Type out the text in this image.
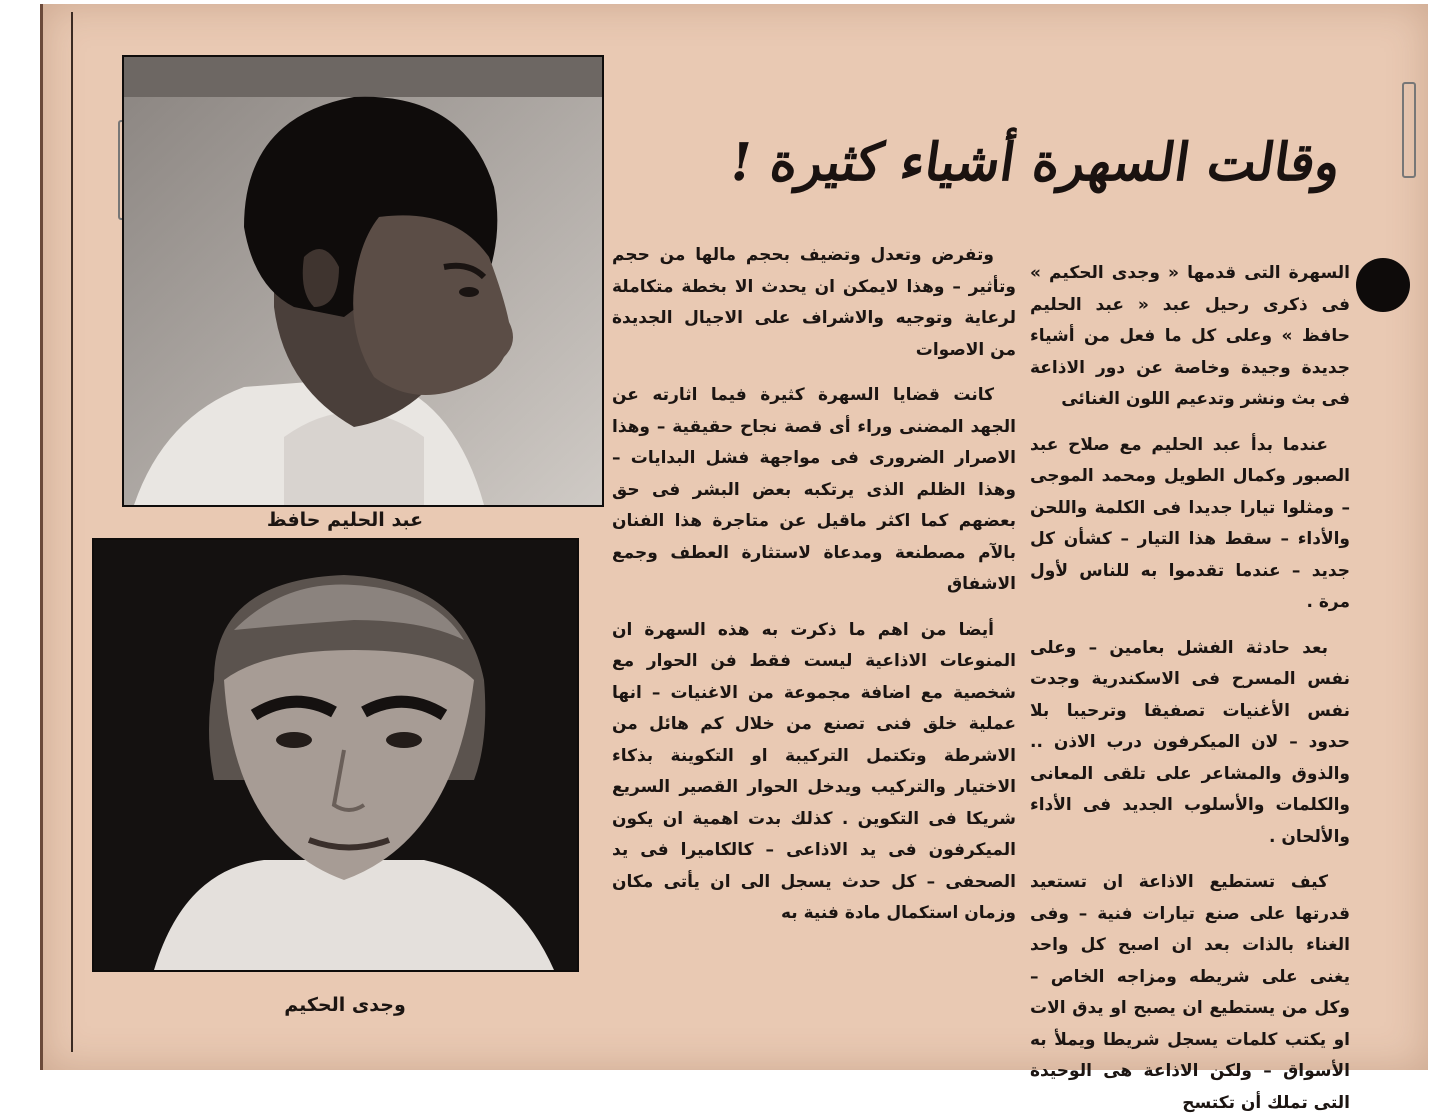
وقالت السهرة أشياء كثيرة !

السهرة التى قدمها « وجدى الحكيم » فى ذكرى رحيل عبد « عبد الحليم حافظ » وعلى كل ما فعل من أشياء جديدة وجيدة وخاصة عن دور الاذاعة فى بث ونشر وتدعيم اللون الغنائى

عندما بدأ عبد الحليم مع صلاح عبد الصبور وكمال الطويل ومحمد الموجى – ومثلوا تيارا جديدا فى الكلمة واللحن والأداء – سقط هذا التيار – كشأن كل جديد – عندما تقدموا به للناس لأول مرة .

بعد حادثة الفشل بعامين – وعلى نفس المسرح فى الاسكندرية وجدت نفس الأغنيات تصفيقا وترحيبا بلا حدود – لان الميكرفون درب الاذن .. والذوق والمشاعر على تلقى المعانى والكلمات والأسلوب الجديد فى الأداء والألحان .

كيف تستطيع الاذاعة ان تستعيد قدرتها على صنع تيارات فنية – وفى الغناء بالذات بعد ان اصبح كل واحد يغنى على شريطه ومزاجه الخاص – وكل من يستطيع ان يصبح او يدق الات او يكتب كلمات يسجل شريطا ويملأ به الأسواق – ولكن الاذاعة هى الوحيدة التى تملك أن تكتسح

وتفرض وتعدل وتضيف بحجم مالها من حجم وتأثير – وهذا لايمكن ان يحدث الا بخطة متكاملة لرعاية وتوجيه والاشراف على الاجيال الجديدة من الاصوات

كانت قضايا السهرة كثيرة فيما اثارته عن الجهد المضنى وراء أى قصة نجاح حقيقية – وهذا الاصرار الضرورى فى مواجهة فشل البدايات – وهذا الظلم الذى يرتكبه بعض البشر فى حق بعضهم كما اكثر ماقيل عن متاجرة هذا الفنان بالآم مصطنعة ومدعاة لاستثارة العطف وجمع الاشفاق

أيضا من اهم ما ذكرت به هذه السهرة ان المنوعات الاذاعية ليست فقط فن الحوار مع شخصية مع اضافة مجموعة من الاغنيات – انها عملية خلق فنى تصنع من خلال كم هائل من الاشرطة وتكتمل التركيبة او التكوينة بذكاء الاختيار والتركيب ويدخل الحوار القصير السريع شريكا فى التكوين . كذلك بدت اهمية ان يكون الميكرفون فى يد الاذاعى – كالكاميرا فى يد الصحفى – كل حدث يسجل الى ان يأتى مكان وزمان استكمال مادة فنية به

عبد الحليم حافظ
وجدى الحكيم
